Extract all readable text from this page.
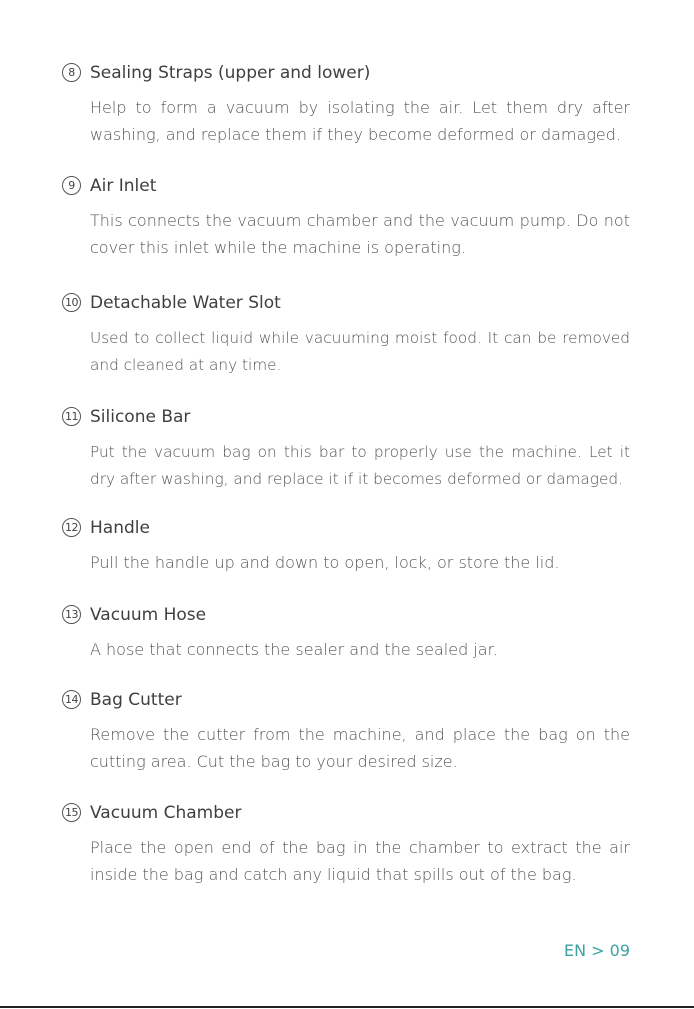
8 Sealing Straps (upper and lower)
Help to form a vacuum by isolating the air. Let them dry after washing, and replace them if they become deformed or damaged.
9 Air Inlet
This connects the vacuum chamber and the vacuum pump. Do not cover this inlet while the machine is operating.
10 Detachable Water Slot
Used to collect liquid while vacuuming moist food. It can be removed and cleaned at any time.
11 Silicone Bar
Put the vacuum bag on this bar to properly use the machine. Let it dry after washing, and replace it if it becomes deformed or damaged.
12 Handle
Pull the handle up and down to open, lock, or store the lid.
13 Vacuum Hose
A hose that connects the sealer and the sealed jar.
14 Bag Cutter
Remove the cutter from the machine, and place the bag on the cutting area. Cut the bag to your desired size.
15 Vacuum Chamber
Place the open end of the bag in the chamber to extract the air inside the bag and catch any liquid that spills out of the bag.
EN > 09
